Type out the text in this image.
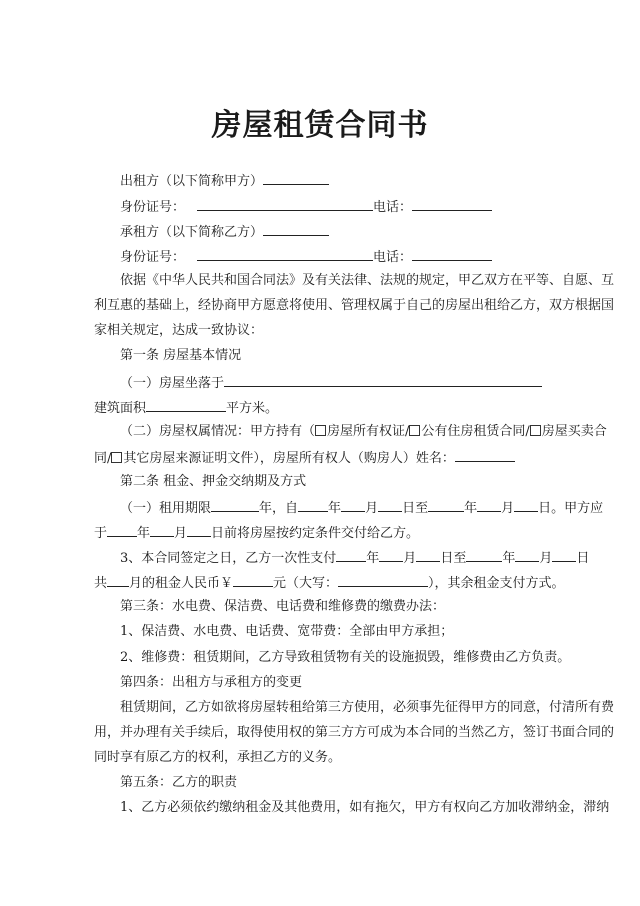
房屋租赁合同书
出租方（以下简称甲方）
身份证号：	电话：
承租方（以下简称乙方）
身份证号：	电话：
依据《中华人民共和国合同法》及有关法律、法规的规定，甲乙双方在平等、自愿、互
利互惠的基础上，经协商甲方愿意将使用、管理权属于自己的房屋出租给乙方，双方根据国
家相关规定，达成一致协议：
第一条 房屋基本情况
（一）房屋坐落于
建筑面积	平方米。
（二）房屋权属情况：甲方持有（ 房屋所有权证/ 公有住房租赁合同/ 房屋买卖合
同/ 其它房屋来源证明文件），房屋所有权人（购房人）姓名：
第二条 租金、押金交纳期及方式
（一）租用期限	年，自 年 月 日至	年 月 日。甲方应
于 年 月 日前将房屋按约定条件交付给乙方。
3、本合同签定之日，乙方一次性支付 年 月 日至	年 月 日
共 月的租金人民币￥	元（大写：	），其余租金支付方式。
第三条：水电费、保洁费、电话费和维修费的缴费办法：
1、保洁费、水电费、电话费、宽带费：全部由甲方承担；
2、维修费：租赁期间，乙方导致租赁物有关的设施损毁，维修费由乙方负责。
第四条：出租方与承租方的变更
租赁期间，乙方如欲将房屋转租给第三方使用，必须事先征得甲方的同意，付清所有费
用，并办理有关手续后，取得使用权的第三方方可成为本合同的当然乙方，签订书面合同的
同时享有原乙方的权利，承担乙方的义务。
第五条：乙方的职责
1、乙方必须依约缴纳租金及其他费用，如有拖欠，甲方有权向乙方加收滞纳金，滞纳
